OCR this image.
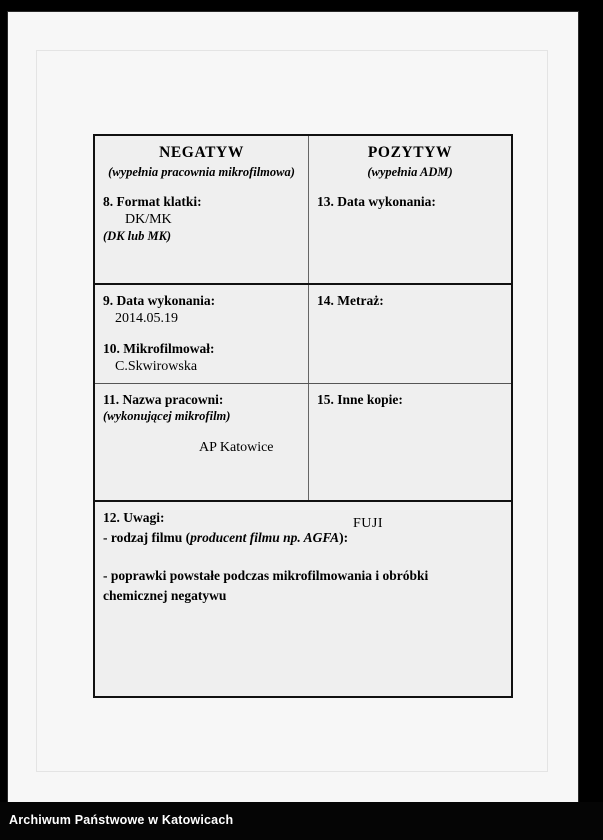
NEGATYW
(wypełnia pracownia mikrofilmowa)
8. Format klatki:
DK/MK
(DK lub MK)
POZYTYW
(wypełnia ADM)
13. Data wykonania:
9. Data wykonania:
2014.05.19
10. Mikrofilmował:
C.Skwirowska
14. Metraż:
11. Nazwa pracowni:
(wykonującej mikrofilm)
AP Katowice
15. Inne kopie:
12. Uwagi:
- rodzaj filmu (producent filmu np. AGFA):
FUJI
- poprawki powstałe podczas mikrofilmowania i obróbki
chemicznej negatywu
Archiwum Państwowe w Katowicach
